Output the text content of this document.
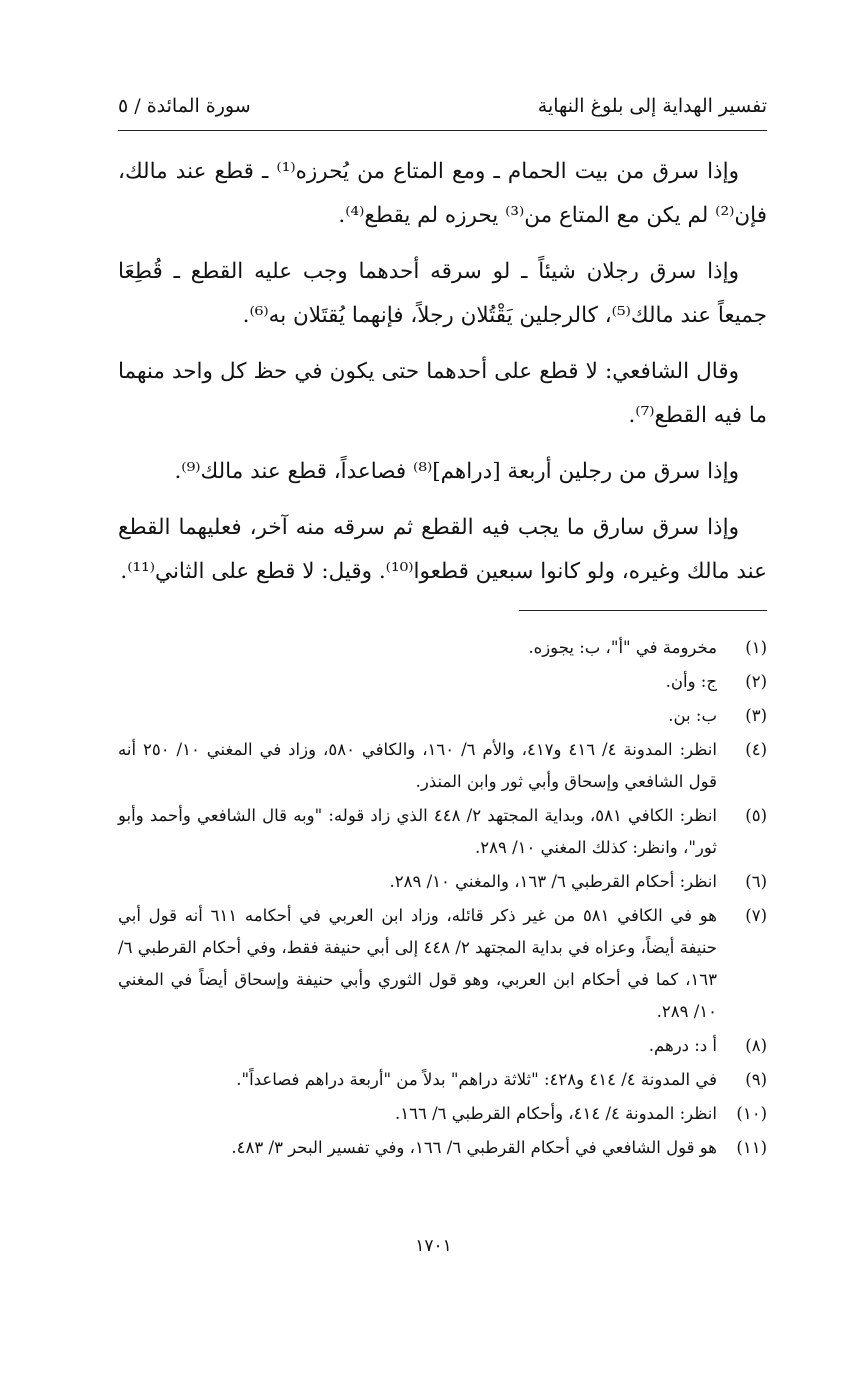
تفسير الهداية إلى بلوغ النهاية
سورة المائدة / ٥

وإذا سرق من بيت الحمام ـ ومع المتاع من يُحرزه⁽¹⁾ ـ قطع عند مالك، فإن⁽²⁾ لم يكن مع المتاع من⁽³⁾ يحرزه لم يقطع⁽⁴⁾.

وإذا سرق رجلان شيئاً ـ لو سرقه أحدهما وجب عليه القطع ـ قُطِعَا جميعاً عند مالك⁽⁵⁾، كالرجلين يَقْتُلان رجلاً، فإنهما يُقتَلان به⁽⁶⁾.

وقال الشافعي: لا قطع على أحدهما حتى يكون في حظ كل واحد منهما ما فيه القطع⁽⁷⁾.

وإذا سرق من رجلين أربعة [دراهم]⁽⁸⁾ فصاعداً، قطع عند مالك⁽⁹⁾.

وإذا سرق سارق ما يجب فيه القطع ثم سرقه منه آخر، فعليهما القطع عند مالك وغيره، ولو كانوا سبعين قطعوا⁽¹⁰⁾. وقيل: لا قطع على الثاني⁽¹¹⁾.

(١)
مخرومة في "أ"، ب: يجوزه.
(٢)
ج: وأن.
(٣)
ب: بن.
(٤)
انظر: المدونة ٤/ ٤١٦ و٤١٧، والأم ٦/ ١٦٠، والكافي ٥٨٠، وزاد في المغني ١٠/ ٢٥٠ أنه قول الشافعي وإسحاق وأبي ثور وابن المنذر.
(٥)
انظر: الكافي ٥٨١، وبداية المجتهد ٢/ ٤٤٨ الذي زاد قوله: "وبه قال الشافعي وأحمد وأبو ثور"، وانظر: كذلك المغني ١٠/ ٢٨٩.
(٦)
انظر: أحكام القرطبي ٦/ ١٦٣، والمغني ١٠/ ٢٨٩.
(٧)
هو في الكافي ٥٨١ من غير ذكر قائله، وزاد ابن العربي في أحكامه ٦١١ أنه قول أبي حنيفة أيضاً، وعزاه في بداية المجتهد ٢/ ٤٤٨ إلى أبي حنيفة فقط، وفي أحكام القرطبي ٦/ ١٦٣، كما في أحكام ابن العربي، وهو قول الثوري وأبي حنيفة وإسحاق أيضاً في المغني ١٠/ ٢٨٩.
(٨)
أ د: درهم.
(٩)
في المدونة ٤/ ٤١٤ و٤٢٨: "ثلاثة دراهم" بدلاً من "أربعة دراهم فصاعداً".
(١٠)
انظر: المدونة ٤/ ٤١٤، وأحكام القرطبي ٦/ ١٦٦.
(١١)
هو قول الشافعي في أحكام القرطبي ٦/ ١٦٦، وفي تفسير البحر ٣/ ٤٨٣.
١٧٠١
